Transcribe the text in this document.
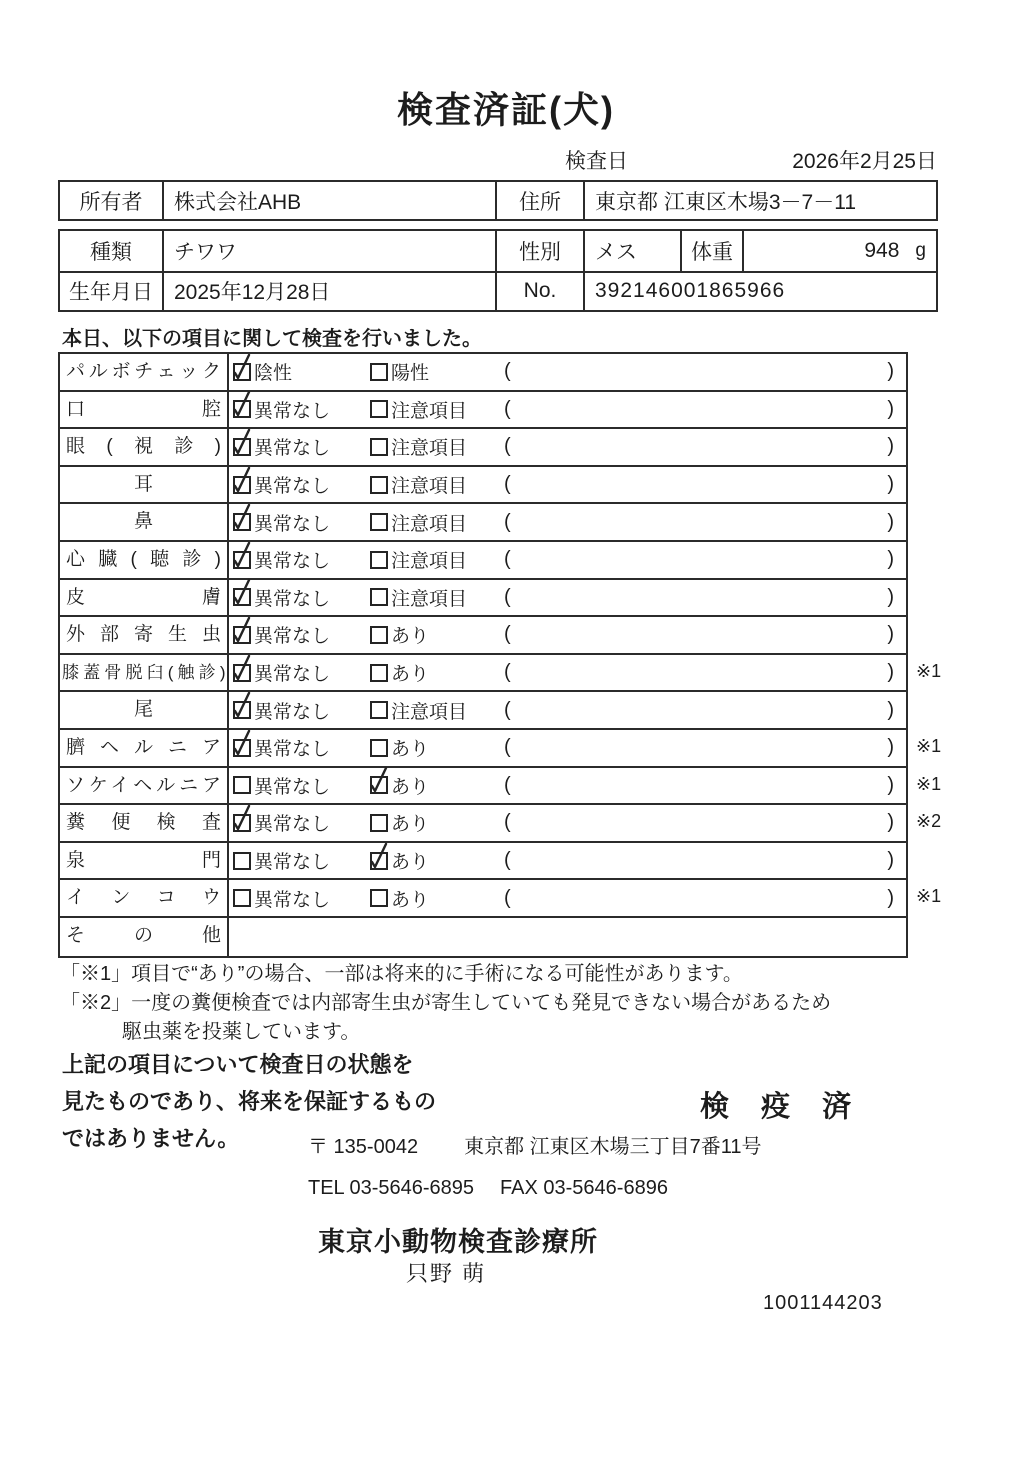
検査済証(犬)
検査日	2026年2月25日
所有者	株式会社AHB	住所	東京都 江東区木場3－7－11
種類	チワワ	性別	メス	体重	948 g
生年月日	2025年12月28日	No.	392146001865966
本日、以下の項目に関して検査を行いました。
パルボチェック	陰性	陽性	(	)
口腔	異常なし	注意項目 (	)
眼(視診)	異常なし	注意項目 (	)
耳	異常なし	注意項目 (	)
鼻	異常なし	注意項目 (	)
心臓(聴診)	異常なし	注意項目 (	)
皮膚	異常なし	注意項目 (	)
外部寄生虫	異常なし	あり	(	)
膝蓋骨脱臼(触診) 異常なし	あり	(	) ※1
尾	異常なし	注意項目 (	)
臍ヘルニア	異常なし	あり	(	) ※1
ソケイヘルニア	異常なし	あり	(	) ※1
糞便検査	異常なし	あり	(	) ※2
泉門	異常なし	あり	(	)
インコウ	異常なし	あり	(	) ※1
その他
「※1」項目で“あり”の場合、一部は将来的に手術になる可能性があります。
「※2」一度の糞便検査では内部寄生虫が寄生していても発見できない場合があるため
駆虫薬を投薬しています。
上記の項目について検査日の状態を
見たものであり、将来を保証するもの
ではありません。
検 疫 済
〒 135-0042 東京都 江東区木場三丁目7番11号
TEL 03-5646-6895 FAX 03-5646-6896
東京小動物検査診療所
只野 萌
1001144203
